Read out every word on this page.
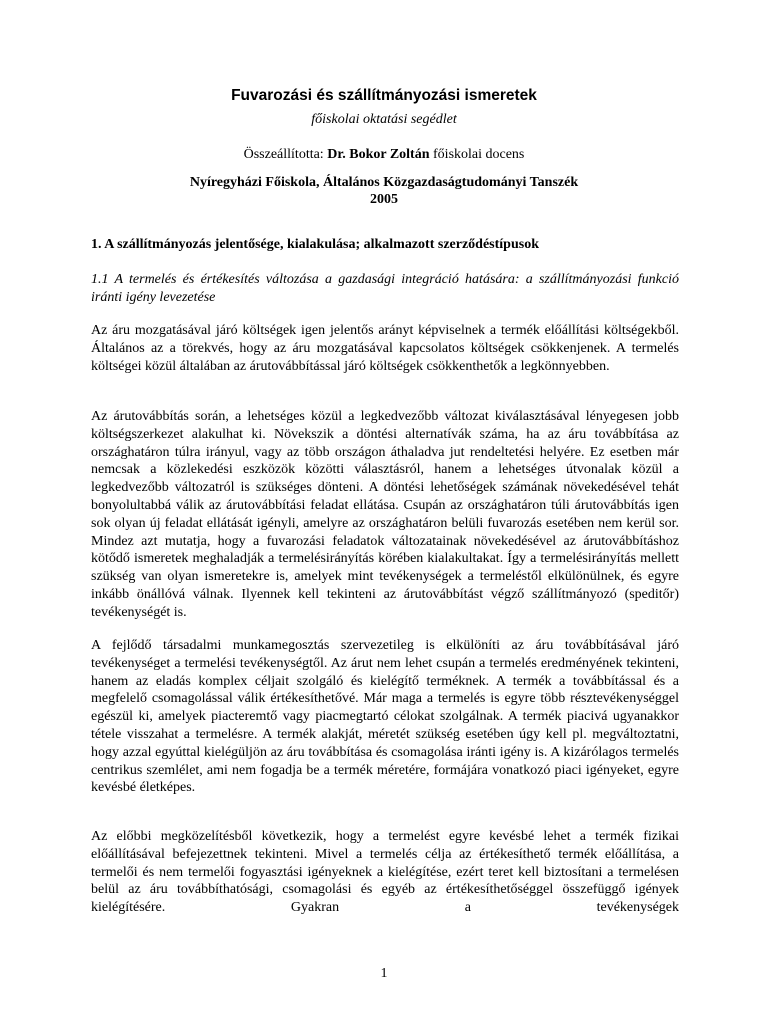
Fuvarozási és szállítmányozási ismeretek
főiskolai oktatási segédlet
Összeállította: Dr. Bokor Zoltán főiskolai docens
Nyíregyházi Főiskola, Általános Közgazdaságtudományi Tanszék
2005
1. A szállítmányozás jelentősége, kialakulása; alkalmazott szerződéstípusok
1.1 A termelés és értékesítés változása a gazdasági integráció hatására: a szállítmányozási funkció iránti igény levezetése

Az áru mozgatásával járó költségek igen jelentős arányt képviselnek a termék előállítási költségekből. Általános az a törekvés, hogy az áru mozgatásával kapcsolatos költségek csökkenjenek. A termelés költségei közül általában az árutovábbítással járó költségek csökkenthetők a legkönnyebben.

Az árutovábbítás során, a lehetséges közül a legkedvezőbb változat kiválasztásával lényegesen jobb költségszerkezet alakulhat ki. Növekszik a döntési alternatívák száma, ha az áru továbbítása az országhatáron túlra irányul, vagy az több országon áthaladva jut rendeltetési helyére. Ez esetben már nemcsak a közlekedési eszközök közötti választásról, hanem a lehetséges útvonalak közül a legkedvezőbb változatról is szükséges dönteni. A döntési lehetőségek számának növekedésével tehát bonyolultabbá válik az árutovábbítási feladat ellátása. Csupán az országhatáron túli árutovábbítás igen sok olyan új feladat ellátását igényli, amelyre az országhatáron belüli fuvarozás esetében nem kerül sor. Mindez azt mutatja, hogy a fuvarozási feladatok változatainak növekedésével az árutovábbításhoz kötődő ismeretek meghaladják a termelésirányítás körében kialakultakat. Így a termelésirányítás mellett szükség van olyan ismeretekre is, amelyek mint tevékenységek a termeléstől elkülönülnek, és egyre inkább önállóvá válnak. Ilyennek kell tekinteni az árutovábbítást végző szállítmányozó (speditőr) tevékenységét is.

A fejlődő társadalmi munkamegosztás szervezetileg is elkülöníti az áru továbbításával járó tevékenységet a termelési tevékenységtől. Az árut nem lehet csupán a termelés eredményének tekinteni, hanem az eladás komplex céljait szolgáló és kielégítő terméknek. A termék a továbbítással és a megfelelő csomagolással válik értékesíthetővé. Már maga a termelés is egyre több résztevékenységgel egészül ki, amelyek piacteremtő vagy piacmegtartó célokat szolgálnak. A termék piacivá ugyanakkor tétele visszahat a termelésre. A termék alakját, méretét szükség esetében úgy kell pl. megváltoztatni, hogy azzal egyúttal kielégüljön az áru továbbítása és csomagolása iránti igény is. A kizárólagos termelés centrikus szemlélet, ami nem fogadja be a termék méretére, formájára vonatkozó piaci igényeket, egyre kevésbé életképes.

Az előbbi megközelítésből következik, hogy a termelést egyre kevésbé lehet a termék fizikai előállításával befejezettnek tekinteni. Mivel a termelés célja az értékesíthető termék előállítása, a termelői és nem termelői fogyasztási igényeknek a kielégítése, ezért teret kell biztosítani a termelésen belül az áru továbbíthatósági, csomagolási és egyéb az értékesíthetőséggel összefüggő igények kielégítésére. Gyakran a tevékenységek

1
